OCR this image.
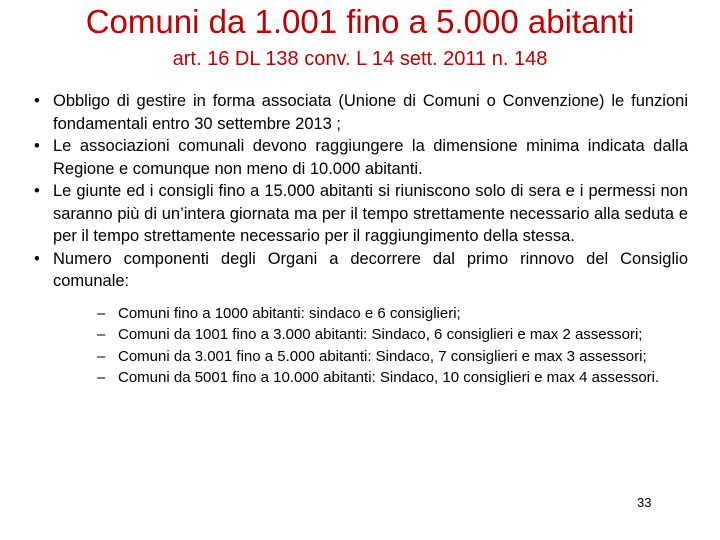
Comuni da 1.001 fino a 5.000 abitanti
art. 16 DL 138 conv. L 14 sett. 2011 n. 148
• Obbligo di gestire in forma associata (Unione di Comuni o Convenzione) le funzioni fondamentali entro 30 settembre 2013 ;
• Le associazioni comunali devono raggiungere la dimensione minima indicata dalla Regione e comunque non meno di 10.000 abitanti.
• Le giunte ed i consigli fino a 15.000 abitanti si riuniscono solo di sera e i permessi non saranno più di un’intera giornata ma per il tempo strettamente necessario alla seduta e per il tempo strettamente necessario per il raggiungimento della stessa.
• Numero componenti degli Organi a decorrere dal primo rinnovo del Consiglio comunale:
– Comuni fino a 1000 abitanti: sindaco e 6 consiglieri;
– Comuni da 1001 fino a 3.000 abitanti: Sindaco, 6 consiglieri e max 2 assessori;
– Comuni da 3.001 fino a 5.000 abitanti: Sindaco, 7 consiglieri e max 3 assessori;
– Comuni da 5001 fino a 10.000 abitanti: Sindaco, 10 consiglieri e max 4 assessori.
33
